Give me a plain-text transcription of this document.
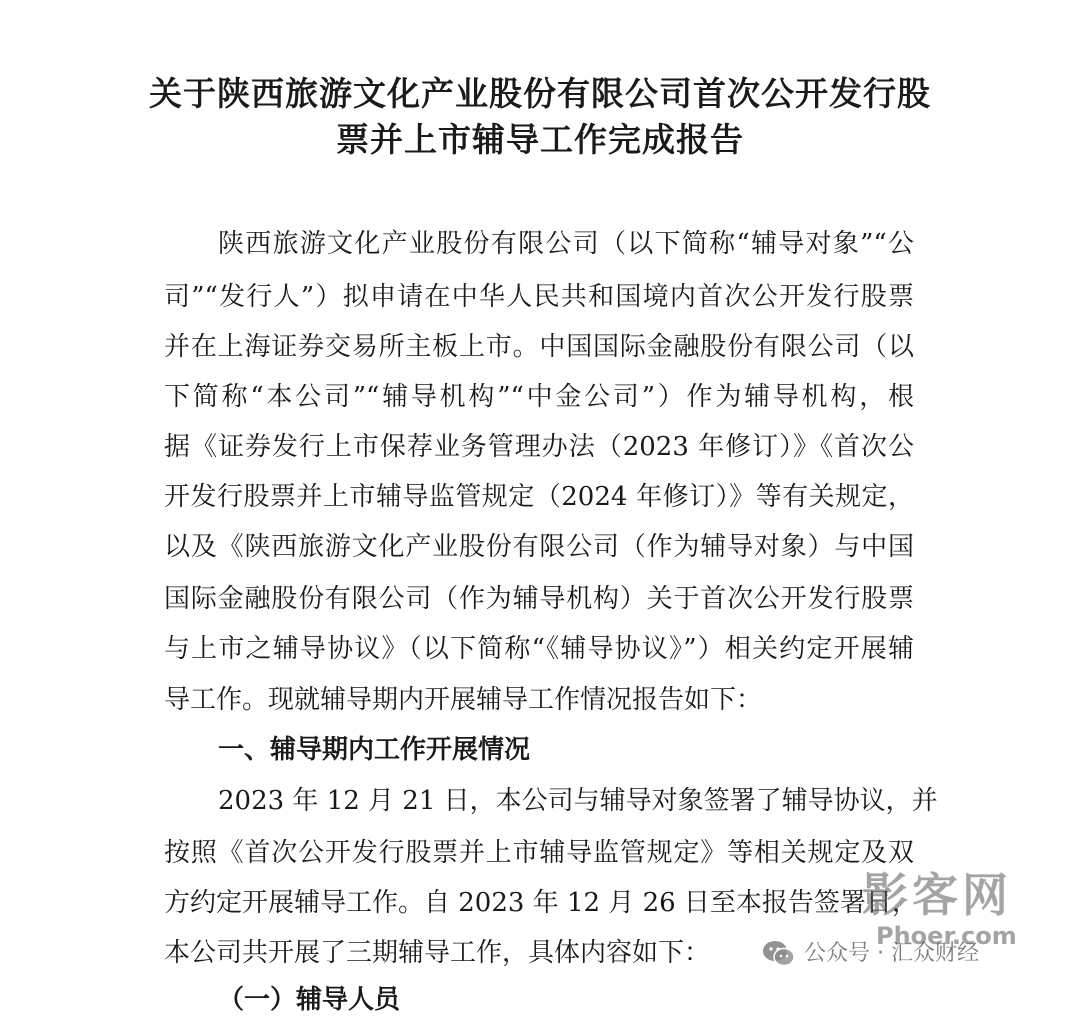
关于陕西旅游文化产业股份有限公司首次公开发行股
票并上市辅导工作完成报告
陕西旅游文化产业股份有限公司（以下简称“辅导对象”“公
司”“发行人”）拟申请在中华人民共和国境内首次公开发行股票
并在上海证券交易所主板上市。中国国际金融股份有限公司（以
下简称“本公司”“辅导机构”“中金公司”）作为辅导机构，根
据《证券发行上市保荐业务管理办法（2023 年修订）》《首次公
开发行股票并上市辅导监管规定（2024 年修订）》等有关规定，
以及《陕西旅游文化产业股份有限公司（作为辅导对象）与中国
国际金融股份有限公司（作为辅导机构）关于首次公开发行股票
与上市之辅导协议》（以下简称“《辅导协议》”）相关约定开展辅
导工作。现就辅导期内开展辅导工作情况报告如下：
一、辅导期内工作开展情况
2023 年 12 月 21 日，本公司与辅导对象签署了辅导协议，并
按照《首次公开发行股票并上市辅导监管规定》等相关规定及双
方约定开展辅导工作。自 2023 年 12 月 26 日至本报告签署日，
本公司共开展了三期辅导工作，具体内容如下：
（一）辅导人员
影客网
Phoer.com
公众号 · 汇众财经
